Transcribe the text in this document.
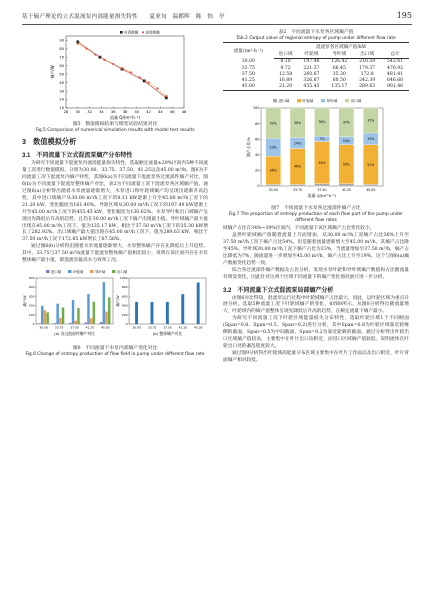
基于熵产理论的立式混流泵内部能量损失特性　　夏亚旬　温都晖　陈　怡　亭	195
28 30 32 34 36 38 40 42 44 46 48
10
20
30
40
50
60
70
80
90
流量 Q/(m³·h⁻¹)
熵产/W
仿真数据 试验数据
图5　数值模拟结果与模型试验结果对比
Fig.5 Comparison of numerical simulation results with model test results
3　数值模拟分析
3.1　不同流量下立式混流泵熵产分布特性

为研究不同流量下混流泵内流场能量损失特性，选取额定流量±20%区间内5种不同流量工况进行数值模拟，分别为30.00、33.75、37.50、41.25以及45.00 m³/h。图6为不同流量工况下混流泵内熵产特性，其图6(a)为不同流量下混流泵各过流部件熵产对比，图6(b)为不同流量下混流泵整体熵产对比，表2为不同流量工况下混流泵各区域熵产值。通过图6(a)分析得出随着水泵流量逐渐增大，水泵进口和叶轮域熵产均呈现出逐渐升高趋势，其中进口域熵产从30.00 m³/h工况下的8.11 kW逐渐上升至45.00 m³/h工况下的21.20 kW，变化幅度为161.40%。导轮区域从30.00 m³/h工况下的197.49 kW逐渐上升至45.00 m³/h工况下的455.45 kW，变化幅度为130.62%。水泵导叶和出口域熵产呈现出先降低后升高的趋势，且均在30.00 m³/h工况下熵产出现最小值。导叶域熵产最大值出现在45.00 m³/h工况下，值为135.17 kW，相比于37.50 m³/h工况下的35.30 kW增长了282.92%。出口域熵产最大值出现在45.00 m³/h工况下，值为289.63 kW，相比于37.50 m³/h工况下172.85 kW增长了67.56%。

通过图6(b)分析得出随着水泵流量逐渐增大，水泵整体熵产存在先降低后上升趋势。其中，33.75与37.50 m³/h流量下混流泵整体熵产值相比较小，说明在该区间内存在水泵整体熵产最小值，即混流泵最高水力效率工况。

0
100
200
300
400
500
30.00 33.75 37.50 41.25 45.00
熵产/W
(a) 各过流部件熵产对比
0
200
400
600
800
1000
30.00 33.75 37.50 41.25 45.00
熵产/W
(b) 整体熵产对比
进口域	叶轮域	导叶域	出口域
图6　不同流量下水泵内部熵产变化对比
Fig.6 Change of entropy production of flow field in pump under different flow rate
表2　不同流量下水泵各区域熵产值
Tab.2 Output value of regional entropy of pump under different flow rate
流量/(m³·h⁻¹)	混流泵各区域熵产值/kW				
	进口域	叶轮域	导叶域	出口域	总计
30.00	8.10	197.48	126.42	210.59	542.61
33.75	9.72	221.37	66.45	179.37	476.92
37.50	12.58	260.67	35.30	172.8	481.41
41.25	16.89	326.87	60.50	242.39	646.68
45.00	21.20	455.45	135.17	289.63	901.46
0
20
40
60
80
100
36%
23%
39%
30.00
46%
14%
38%
33.75
54%
7%
36%
37.50
50%
10%
37%
41.25
51%
15%
32%
45.00
流量 Q/(m³·h⁻¹)
熵产占比/%
进口域	叶轮域	导叶域	出口域
图7　不同流量下水泵各过流部件熵产占比
Fig.7 The proportion of entropy production of each flow part of the pump under different flow rates

域熵产占比在34%~39%区间内，不同流量下该区域熵产占比变化较小。

虽然叶轮域熵产值随着流量上升而增加，从30.00 m³/h工况熵产占比36%上升至37.50 m³/h工况下熵产占比54%，但是随着流量逐渐增大至45.00 m³/h，其熵产占比降至45%。导叶域30.00 m³/h工况下熵产占比为23%，当流量增加至37.50 m³/h，熵产占比降低为7%，随流量进一步增加至45.00 m³/h，熵产占比上升至19%。这个与图6(a)熵产数据变化趋势一致。

综合各过流部件熵产数据及占比分析，发现水泵叶轮和导叶域熵产数值和占比随流量有明显变化，因此针对这两个区域不同流量下的熵产变化情况展开进一步分析。

3.2　不同流量下立式混流泵局部熵产分析

由图6对比得知，混流泵运行过程中叶轮域熵产占比最大，因此，以叶轮区域为重点开展分析。选取5种流量工况下叶轮域熵产的变化，如图8所示。从图8分析得出随流量增大，叶轮域内的熵产值整体呈现先降低后升高的趋势，在额定流量下熵产最小。

为研究不同流量工况下叶轮区域能量损失分布特性，选取叶轮区域1个不同断面(Span=0.8、Span=0.5、Span=0.2)进行分析，其中Span=0.8为叶轮区域靠近轮缘侧的截面，Span=0.5为中间截面，Span=0.2为靠近轮毂的截面。通过分析得出叶轮出口区域熵产值较高，主要集中在叶片出口边附近，而进口区域熵产值较低，说明流体在叶轮出口处的紊乱程度较大。

通过图9分析得出叶轮域高能量分布区域主要集中在叶片工作面以及出口附近，叶片背面熵产相对较低。
